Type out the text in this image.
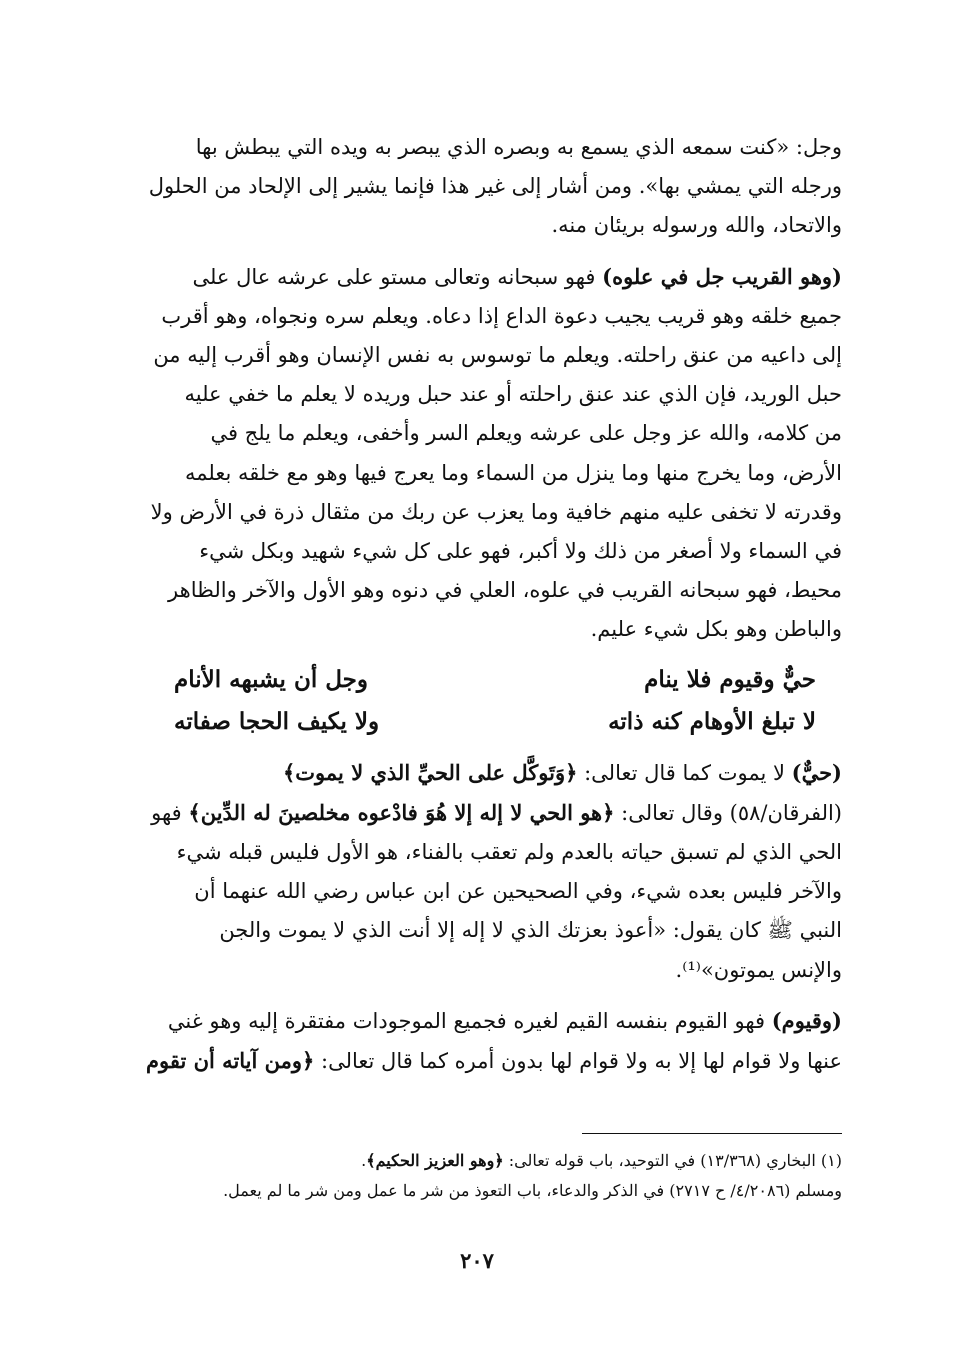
وجل: «كنت سمعه الذي يسمع به وبصره الذي يبصر به ويده التي يبطش بها

ورجله التي يمشي بها». ومن أشار إلى غير هذا فإنما يشير إلى الإلحاد من الحلول

والاتحاد، والله ورسوله بريئان منه.

(وهو القريب جل في علوه) فهو سبحانه وتعالى مستو على عرشه عال على

جميع خلقه وهو قريب يجيب دعوة الداع إذا دعاه. ويعلم سره ونجواه، وهو أقرب

إلى داعيه من عنق راحلته. ويعلم ما توسوس به نفس الإنسان وهو أقرب إليه من

حبل الوريد، فإن الذي عند عنق راحلته أو عند حبل وريده لا يعلم ما خفي عليه

من كلامه، والله عز وجل على عرشه ويعلم السر وأخفى، ويعلم ما يلج في

الأرض، وما يخرج منها وما ينزل من السماء وما يعرج فيها وهو مع خلقه بعلمه

وقدرته لا تخفى عليه منهم خافية وما يعزب عن ربك من مثقال ذرة في الأرض ولا

في السماء ولا أصغر من ذلك ولا أكبر، فهو على كل شيء شهيد وبكل شيء

محيط، فهو سبحانه القريب في علوه، العلي في دنوه وهو الأول والآخر والظاهر

والباطن وهو بكل شيء عليم.

حيٌّ وقيوم فلا ينام
وجل أن يشبهه الأنام
لا تبلغ الأوهام كنه ذاته
ولا يكيف الحجا صفاته

(حيٌّ) لا يموت كما قال تعالى: ﴿وَتَوكَّل على الحيِّ الذي لا يموت﴾

(الفرقان/٥٨) وقال تعالى: ﴿هو الحي لا إله إلا هُوَ فادْعوه مخلصينَ له الدِّين﴾ فهو

الحي الذي لم تسبق حياته بالعدم ولم تعقب بالفناء، هو الأول فليس قبله شيء

والآخر فليس بعده شيء، وفي الصحيحين عن ابن عباس رضي الله عنهما أن

النبي ﷺ كان يقول: «أعوذ بعزتك الذي لا إله إلا أنت الذي لا يموت والجن

والإنس يموتون»⁽¹⁾.

(وقيوم) فهو القيوم بنفسه القيم لغيره فجميع الموجودات مفتقرة إليه وهو غني

عنها ولا قوام لها إلا به ولا قوام لها بدون أمره كما قال تعالى: ﴿ومن آياته أن تقوم

(١) البخاري (١٣/٣٦٨) في التوحيد، باب قوله تعالى: ﴿وهو العزيز الحكيم﴾.

ومسلم (٤/٢٠٨٦/ ح ٢٧١٧) في الذكر والدعاء، باب التعوذ من شر ما عمل ومن شر ما لم يعمل.

٢٠٧
